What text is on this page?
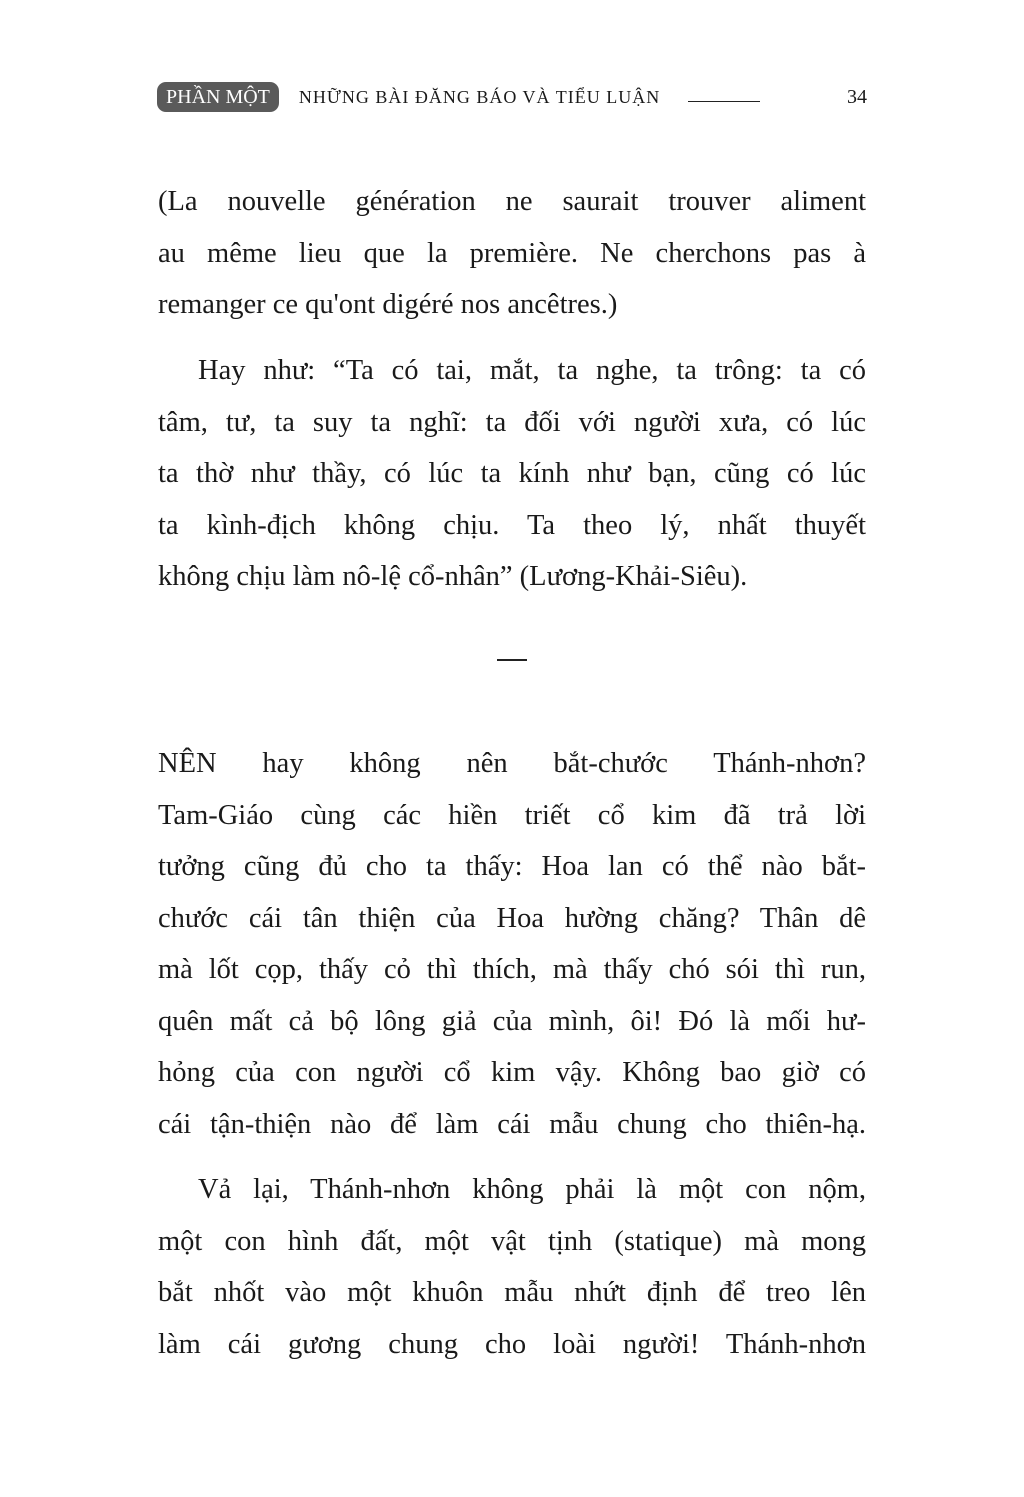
PHẦN MỘT	NHỮNG BÀI ĐĂNG BÁO VÀ TIỂU LUẬN	34
(La nouvelle génération ne saurait trouver aliment
au même lieu que la première. Ne cherchons pas à
remanger ce qu'ont digéré nos ancêtres.)
Hay như: “Ta có tai, mắt, ta nghe, ta trông: ta có
tâm, tư, ta suy ta nghĩ: ta đối với người xưa, có lúc
ta thờ như thầy, có lúc ta kính như bạn, cũng có lúc
ta kình-địch không chịu. Ta theo lý, nhất thuyết
không chịu làm nô-lệ cổ-nhân” (Lương-Khải-Siêu).
NÊN hay không nên bắt-chước Thánh-nhơn?
Tam-Giáo cùng các hiền triết cổ kim đã trả lời
tưởng cũng đủ cho ta thấy: Hoa lan có thể nào bắt-
chước cái tân thiện của Hoa hường chăng? Thân dê
mà lốt cọp, thấy cỏ thì thích, mà thấy chó sói thì run,
quên mất cả bộ lông giả của mình, ôi! Đó là mối hư-
hỏng của con người cổ kim vậy. Không bao giờ có
cái tận-thiện nào để làm cái mẫu chung cho thiên-hạ.
Vả lại, Thánh-nhơn không phải là một con nộm,
một con hình đất, một vật tịnh (statique) mà mong
bắt nhốt vào một khuôn mẫu nhứt định để treo lên
làm cái gương chung cho loài người! Thánh-nhơn
